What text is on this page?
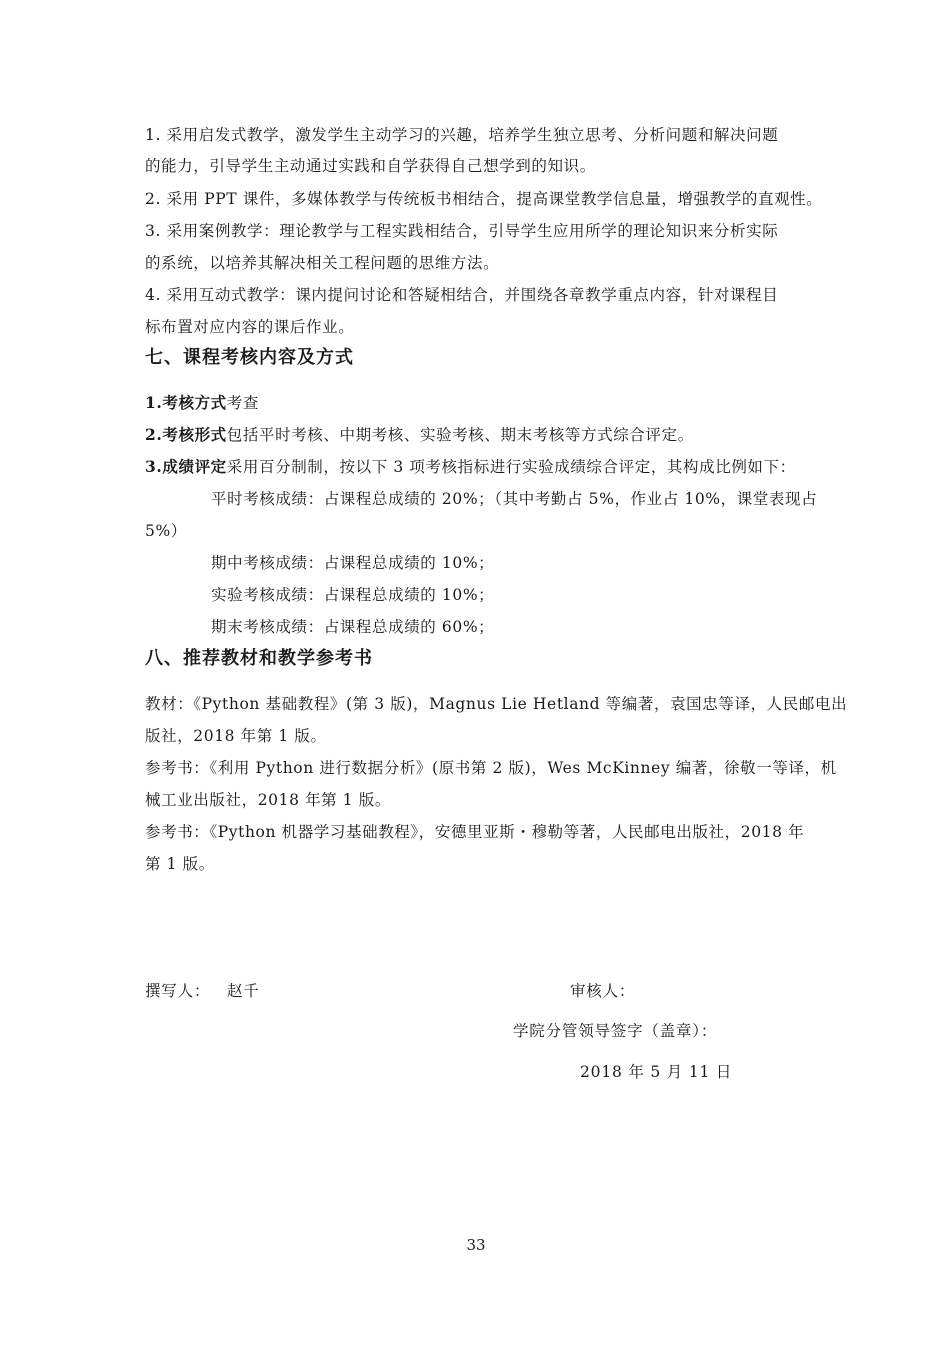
1. 采用启发式教学，激发学生主动学习的兴趣，培养学生独立思考、分析问题和解决问题
的能力，引导学生主动通过实践和自学获得自己想学到的知识。
2. 采用 PPT 课件，多媒体教学与传统板书相结合，提高课堂教学信息量，增强教学的直观性。
3. 采用案例教学：理论教学与工程实践相结合，引导学生应用所学的理论知识来分析实际
的系统，以培养其解决相关工程问题的思维方法。
4. 采用互动式教学：课内提问讨论和答疑相结合，并围绕各章教学重点内容，针对课程目
标布置对应内容的课后作业。
七、课程考核内容及方式
1.考核方式考查
2.考核形式包括平时考核、中期考核、实验考核、期末考核等方式综合评定。
3.成绩评定采用百分制制，按以下 3 项考核指标进行实验成绩综合评定，其构成比例如下：
平时考核成绩：占课程总成绩的 20%；（其中考勤占 5%，作业占 10%，课堂表现占
5%）
期中考核成绩：占课程总成绩的 10%；
实验考核成绩：占课程总成绩的 10%；
期末考核成绩：占课程总成绩的 60%；
八、推荐教材和教学参考书
教材：《Python 基础教程》(第 3 版)，Magnus Lie Hetland 等编著，袁国忠等译，人民邮电出
版社，2018 年第 1 版。
参考书：《利用 Python 进行数据分析》(原书第 2 版)，Wes McKinney 编著，徐敬一等译，机
械工业出版社，2018 年第 1 版。
参考书：《Python 机器学习基础教程》，安德里亚斯・穆勒等著，人民邮电出版社，2018 年
第 1 版。
撰写人： 赵千	审核人：
学院分管领导签字（盖章）：
2018 年 5 月 11 日
33
